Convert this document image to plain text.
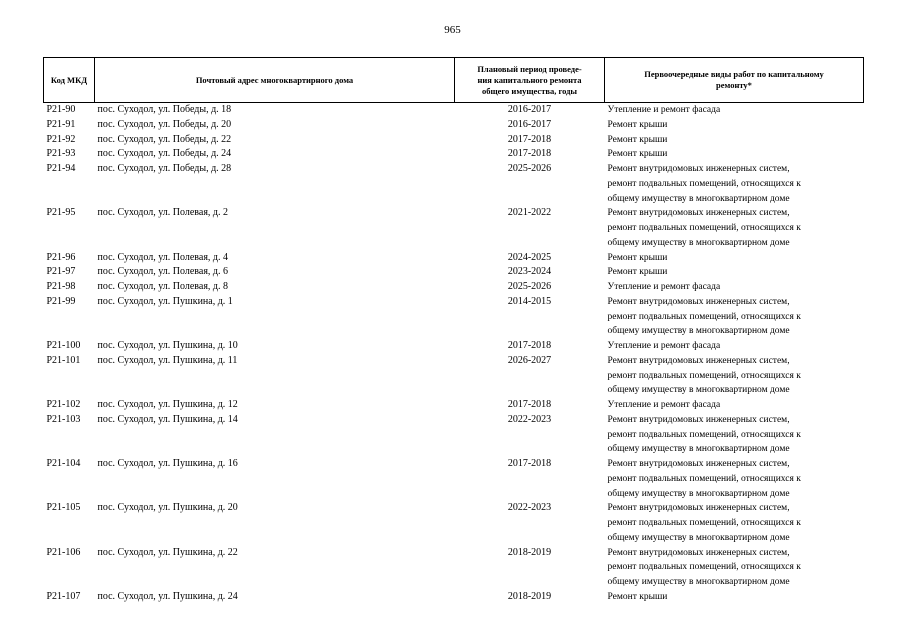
965
Код МКД	Почтовый адрес многоквартирного дома	Плановый период проведе-
ния капитального ремонта
общего имущества, годы	Первоочередные виды работ по капитальному
ремонту*

Р21-90	пос. Суходол, ул. Победы, д. 18	2016-2017	Утепление и ремонт фасада

Р21-91	пос. Суходол, ул. Победы, д. 20	2016-2017	Ремонт крыши

Р21-92	пос. Суходол, ул. Победы, д. 22	2017-2018	Ремонт крыши

Р21-93	пос. Суходол, ул. Победы, д. 24	2017-2018	Ремонт крыши

Р21-94	пос. Суходол, ул. Победы, д. 28	2025-2026	Ремонт внутридомовых инженерных систем,
ремонт подвальных помещений, относящихся к
общему имуществу в многоквартирном доме

Р21-95	пос. Суходол, ул. Полевая, д. 2	2021-2022	Ремонт внутридомовых инженерных систем,
ремонт подвальных помещений, относящихся к
общему имуществу в многоквартирном доме

Р21-96	пос. Суходол, ул. Полевая, д. 4	2024-2025	Ремонт крыши

Р21-97	пос. Суходол, ул. Полевая, д. 6	2023-2024	Ремонт крыши

Р21-98	пос. Суходол, ул. Полевая, д. 8	2025-2026	Утепление и ремонт фасада

Р21-99	пос. Суходол, ул. Пушкина, д. 1	2014-2015	Ремонт внутридомовых инженерных систем,
ремонт подвальных помещений, относящихся к
общему имуществу в многоквартирном доме

Р21-100	пос. Суходол, ул. Пушкина, д. 10	2017-2018	Утепление и ремонт фасада

Р21-101	пос. Суходол, ул. Пушкина, д. 11	2026-2027	Ремонт внутридомовых инженерных систем,
ремонт подвальных помещений, относящихся к
общему имуществу в многоквартирном доме

Р21-102	пос. Суходол, ул. Пушкина, д. 12	2017-2018	Утепление и ремонт фасада

Р21-103	пос. Суходол, ул. Пушкина, д. 14	2022-2023	Ремонт внутридомовых инженерных систем,
ремонт подвальных помещений, относящихся к
общему имуществу в многоквартирном доме

Р21-104	пос. Суходол, ул. Пушкина, д. 16	2017-2018	Ремонт внутридомовых инженерных систем,
ремонт подвальных помещений, относящихся к
общему имуществу в многоквартирном доме

Р21-105	пос. Суходол, ул. Пушкина, д. 20	2022-2023	Ремонт внутридомовых инженерных систем,
ремонт подвальных помещений, относящихся к
общему имуществу в многоквартирном доме

Р21-106	пос. Суходол, ул. Пушкина, д. 22	2018-2019	Ремонт внутридомовых инженерных систем,
ремонт подвальных помещений, относящихся к
общему имуществу в многоквартирном доме

Р21-107	пос. Суходол, ул. Пушкина, д. 24	2018-2019	Ремонт крыши
